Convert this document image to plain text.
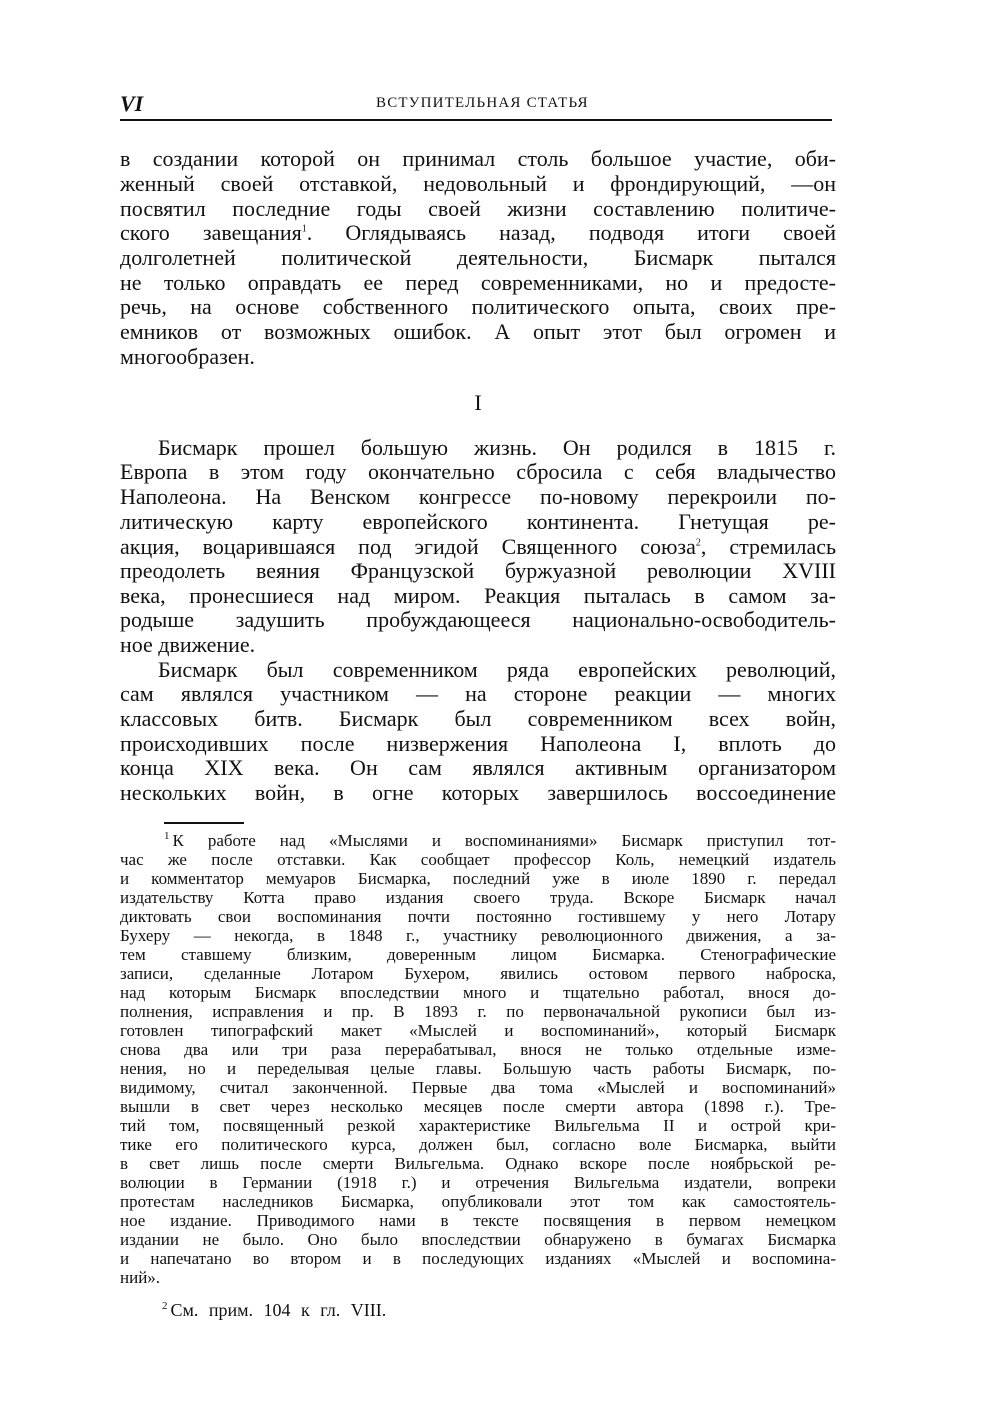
VI	ВСТУПИТЕЛЬНАЯ СТАТЬЯ
в создании которой он принимал столь большое участие, оби-
женный своей отставкой, недовольный и фрондирующий, —он
посвятил последние годы своей жизни составлению политиче-
ского завещания$^1$. Оглядываясь назад, подводя итоги своей
долголетней политической деятельности, Бисмарк пытался
не только оправдать ее перед современниками, но и предосте-
речь, на основе собственного политического опыта, своих пре-
емников от возможных ошибок. А опыт этот был огромен и
многообразен.
I
Бисмарк прошел большую жизнь. Он родился в 1815 г.
Европа в этом году окончательно сбросила с себя владычество
Наполеона. На Венском конгрессе по-новому перекроили по-
литическую карту европейского континента. Гнетущая ре-
акция, воцарившаяся под эгидой Священного союза$^2$, стремилась
преодолеть веяния Французской буржуазной революции XVIII
века, пронесшиеся над миром. Реакция пыталась в самом за-
родыше задушить пробуждающееся национально-освободитель-
ное движение.
Бисмарк был современником ряда европейских революций,
сам являлся участником — на стороне реакции — многих
классовых битв. Бисмарк был современником всех войн,
происходивших после низвержения Наполеона I, вплоть до
конца XIX века. Он сам являлся активным организатором
нескольких войн, в огне которых завершилось воссоединение
$^1$ К работе над «Мыслями и воспоминаниями» Бисмарк приступил тот-
час же после отставки. Как сообщает профессор Коль, немецкий издатель
и комментатор мемуаров Бисмарка, последний уже в июле 1890 г. передал
издательству Котта право издания своего труда. Вскоре Бисмарк начал
диктовать свои воспоминания почти постоянно гостившему у него Лотару
Бухеру — некогда, в 1848 г., участнику революционного движения, а за-
тем ставшему близким, доверенным лицом Бисмарка. Стенографические
записи, сделанные Лотаром Бухером, явились остовом первого наброска,
над которым Бисмарк впоследствии много и тщательно работал, внося до-
полнения, исправления и пр. В 1893 г. по первоначальной рукописи был из-
готовлен типографский макет «Мыслей и воспоминаний», который Бисмарк
снова два или три раза перерабатывал, внося не только отдельные изме-
нения, но и переделывая целые главы. Большую часть работы Бисмарк, по-
видимому, считал законченной. Первые два тома «Мыслей и воспоминаний»
вышли в свет через несколько месяцев после смерти автора (1898 г.). Тре-
тий том, посвященный резкой характеристике Вильгельма II и острой кри-
тике его политического курса, должен был, согласно воле Бисмарка, выйти
в свет лишь после смерти Вильгельма. Однако вскоре после ноябрьской ре-
волюции в Германии (1918 г.) и отречения Вильгельма издатели, вопреки
протестам наследников Бисмарка, опубликовали этот том как самостоятель-
ное издание. Приводимого нами в тексте посвящения в первом немецком
издании не было. Оно было впоследствии обнаружено в бумагах Бисмарка
и напечатано во втором и в последующих изданиях «Мыслей и воспомина-
ний».
$^2$ См. прим. 104 к гл. VIII.
